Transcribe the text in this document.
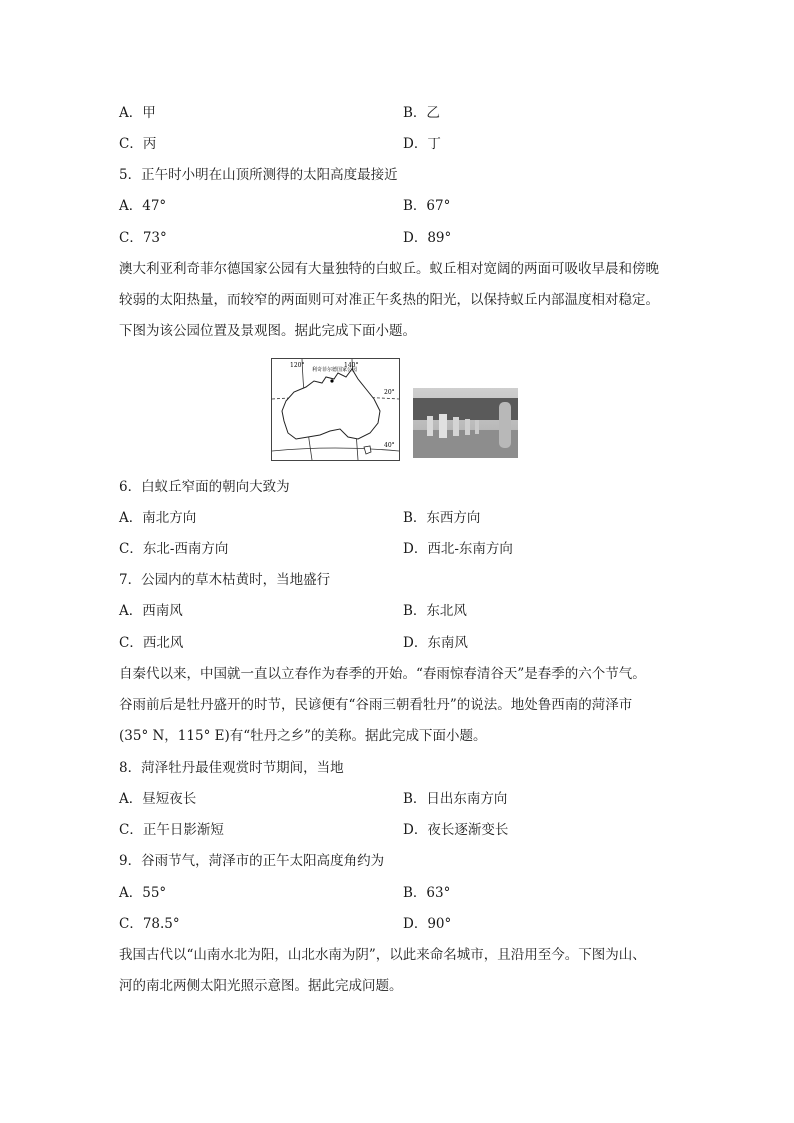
A．甲	B．乙
C．丙	D．丁
5．正午时小明在山顶所测得的太阳高度最接近
A．47°	B．67°
C．73°	D．89°
澳大利亚利奇菲尔德国家公园有大量独特的白蚁丘。蚁丘相对宽阔的两面可吸收早晨和傍晚
较弱的太阳热量，而较窄的两面则可对准正午炙热的阳光，以保持蚁丘内部温度相对稳定。
下图为该公园位置及景观图。据此完成下面小题。
120°	140°
20°
40°
利奇菲尔德国家公园
6．白蚁丘窄面的朝向大致为
A．南北方向	B．东西方向
C．东北-西南方向	D．西北-东南方向
7．公园内的草木枯黄时，当地盛行
A．西南风	B．东北风
C．西北风	D．东南风
自秦代以来，中国就一直以立春作为春季的开始。“春雨惊春清谷天”是春季的六个节气。
谷雨前后是牡丹盛开的时节，民谚便有“谷雨三朝看牡丹”的说法。地处鲁西南的菏泽市
(35° N，115° E)有“牡丹之乡”的美称。据此完成下面小题。
8．菏泽牡丹最佳观赏时节期间，当地
A．昼短夜长	B．日出东南方向
C．正午日影渐短	D．夜长逐渐变长
9．谷雨节气，菏泽市的正午太阳高度角约为
A．55°	B．63°
C．78.5°	D．90°
我国古代以“山南水北为阳，山北水南为阴”，以此来命名城市，且沿用至今。下图为山、
河的南北两侧太阳光照示意图。据此完成问题。
